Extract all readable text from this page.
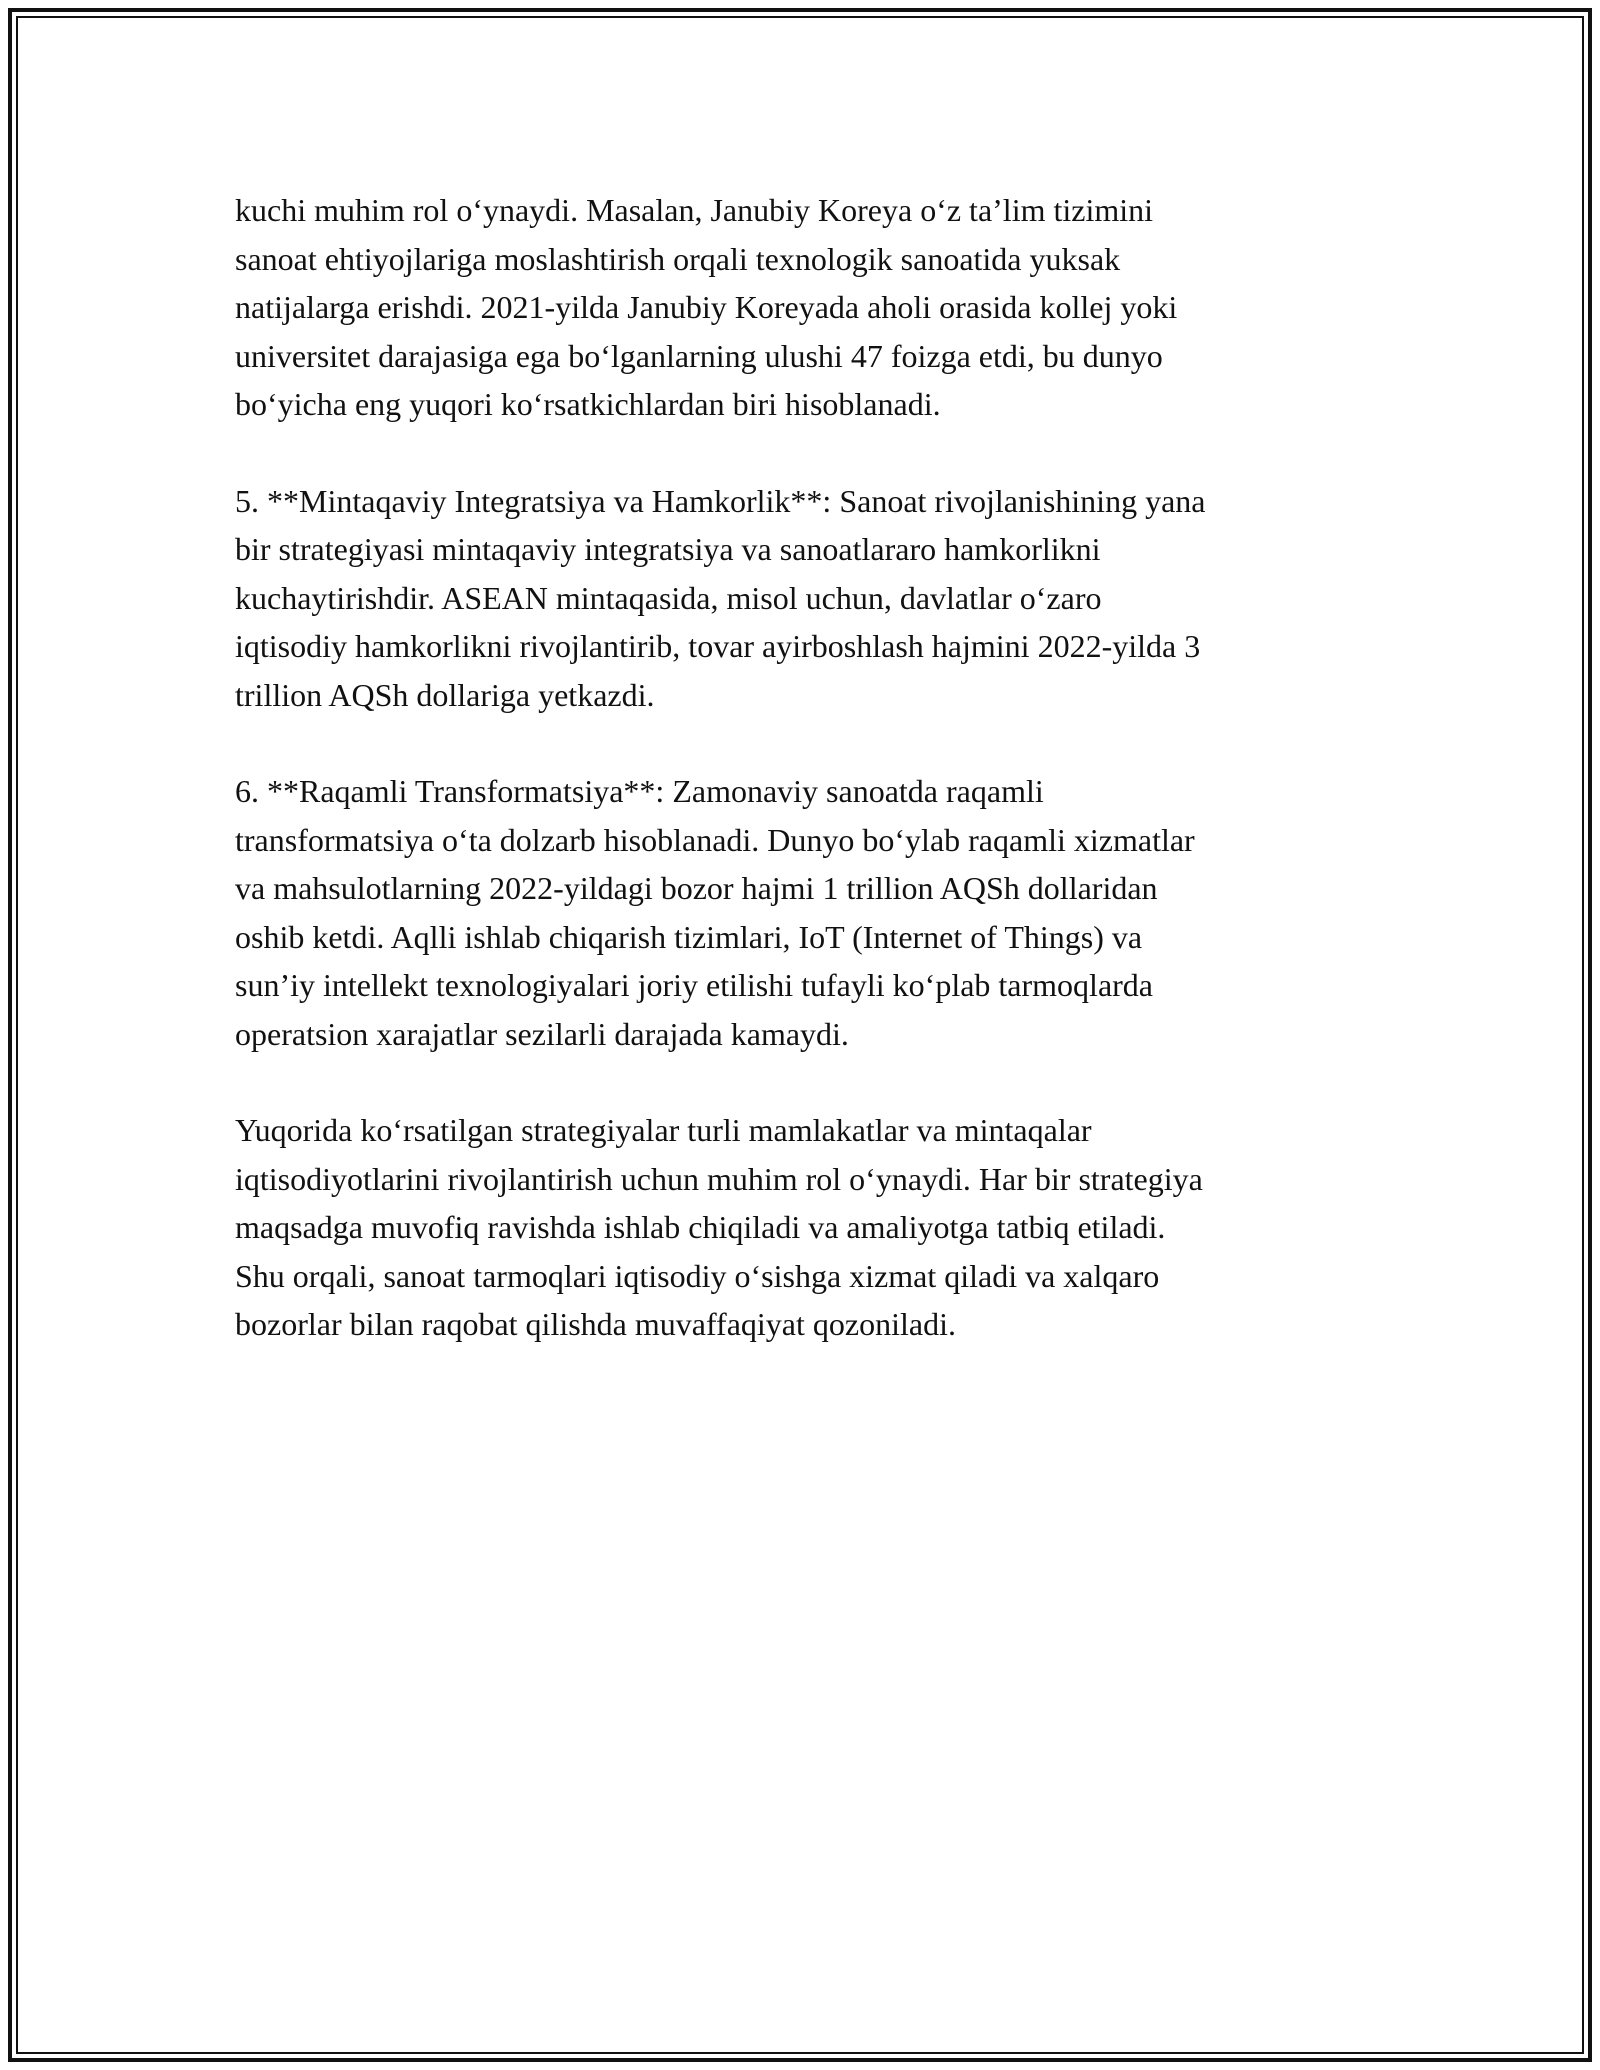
kuchi muhim rol o‘ynaydi. Masalan, Janubiy Koreya o‘z ta’lim tizimini
sanoat ehtiyojlariga moslashtirish orqali texnologik sanoatida yuksak
natijalarga erishdi. 2021-yilda Janubiy Koreyada aholi orasida kollej yoki
universitet darajasiga ega bo‘lganlarning ulushi 47 foizga etdi, bu dunyo
bo‘yicha eng yuqori ko‘rsatkichlardan biri hisoblanadi.

5. **Mintaqaviy Integratsiya va Hamkorlik**: Sanoat rivojlanishining yana
bir strategiyasi mintaqaviy integratsiya va sanoatlararo hamkorlikni
kuchaytirishdir. ASEAN mintaqasida, misol uchun, davlatlar o‘zaro
iqtisodiy hamkorlikni rivojlantirib, tovar ayirboshlash hajmini 2022-yilda 3
trillion AQSh dollariga yetkazdi.

6. **Raqamli Transformatsiya**: Zamonaviy sanoatda raqamli
transformatsiya o‘ta dolzarb hisoblanadi. Dunyo bo‘ylab raqamli xizmatlar
va mahsulotlarning 2022-yildagi bozor hajmi 1 trillion AQSh dollaridan
oshib ketdi. Aqlli ishlab chiqarish tizimlari, IoT (Internet of Things) va
sun’iy intellekt texnologiyalari joriy etilishi tufayli ko‘plab tarmoqlarda
operatsion xarajatlar sezilarli darajada kamaydi.

Yuqorida ko‘rsatilgan strategiyalar turli mamlakatlar va mintaqalar
iqtisodiyotlarini rivojlantirish uchun muhim rol o‘ynaydi. Har bir strategiya
maqsadga muvofiq ravishda ishlab chiqiladi va amaliyotga tatbiq etiladi.
Shu orqali, sanoat tarmoqlari iqtisodiy o‘sishga xizmat qiladi va xalqaro
bozorlar bilan raqobat qilishda muvaffaqiyat qozoniladi.
